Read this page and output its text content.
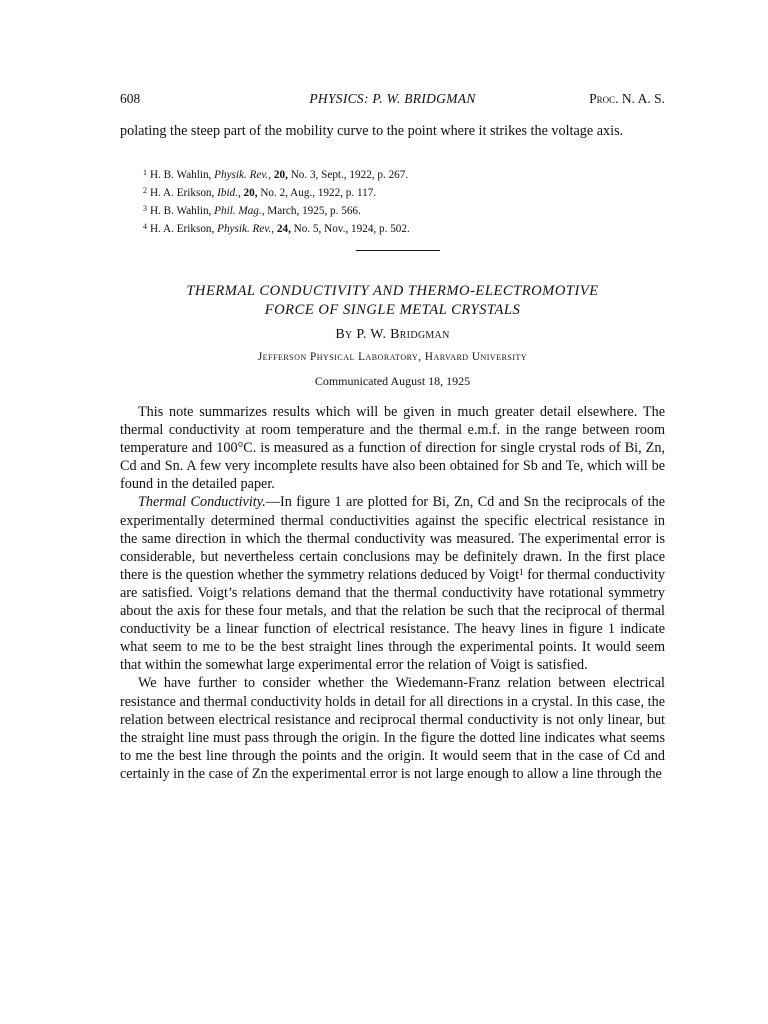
608	PHYSICS: P. W. BRIDGMAN	Proc. N. A. S.
polating the steep part of the mobility curve to the point where it strikes the voltage axis.
$^1$ H. B. Wahlin, Physik. Rev., 20, No. 3, Sept., 1922, p. 267.
$^2$ H. A. Erikson, Ibid., 20, No. 2, Aug., 1922, p. 117.
$^3$ H. B. Wahlin, Phil. Mag., March, 1925, p. 566.
$^4$ H. A. Erikson, Physik. Rev., 24, No. 5, Nov., 1924, p. 502.
THERMAL CONDUCTIVITY AND THERMO-ELECTROMOTIVE
FORCE OF SINGLE METAL CRYSTALS
By P. W. Bridgman
Jefferson Physical Laboratory, Harvard University
Communicated August 18, 1925

This note summarizes results which will be given in much greater detail elsewhere. The thermal conductivity at room temperature and the thermal e.m.f. in the range between room temperature and 100°C. is measured as a function of direction for single crystal rods of Bi, Zn, Cd and Sn. A few very incomplete results have also been obtained for Sb and Te, which will be found in the detailed paper.

Thermal Conductivity.—In figure 1 are plotted for Bi, Zn, Cd and Sn the reciprocals of the experimentally determined thermal conductivities against the specific electrical resistance in the same direction in which the thermal conductivity was measured. The experimental error is considerable, but nevertheless certain conclusions may be definitely drawn. In the first place there is the question whether the symmetry relations deduced by Voigt$^1$ for thermal conductivity are satisfied. Voigt’s relations demand that the thermal conductivity have rotational symmetry about the axis for these four metals, and that the relation be such that the reciprocal of thermal conductivity be a linear function of electrical resistance. The heavy lines in figure 1 indicate what seem to me to be the best straight lines through the experimental points. It would seem that within the somewhat large experimental error the relation of Voigt is satisfied.

We have further to consider whether the Wiedemann-Franz relation between electrical resistance and thermal conductivity holds in detail for all directions in a crystal. In this case, the relation between electrical resistance and reciprocal thermal conductivity is not only linear, but the straight line must pass through the origin. In the figure the dotted line indicates what seems to me the best line through the points and the origin. It would seem that in the case of Cd and certainly in the case of Zn the experimental error is not large enough to allow a line through the
